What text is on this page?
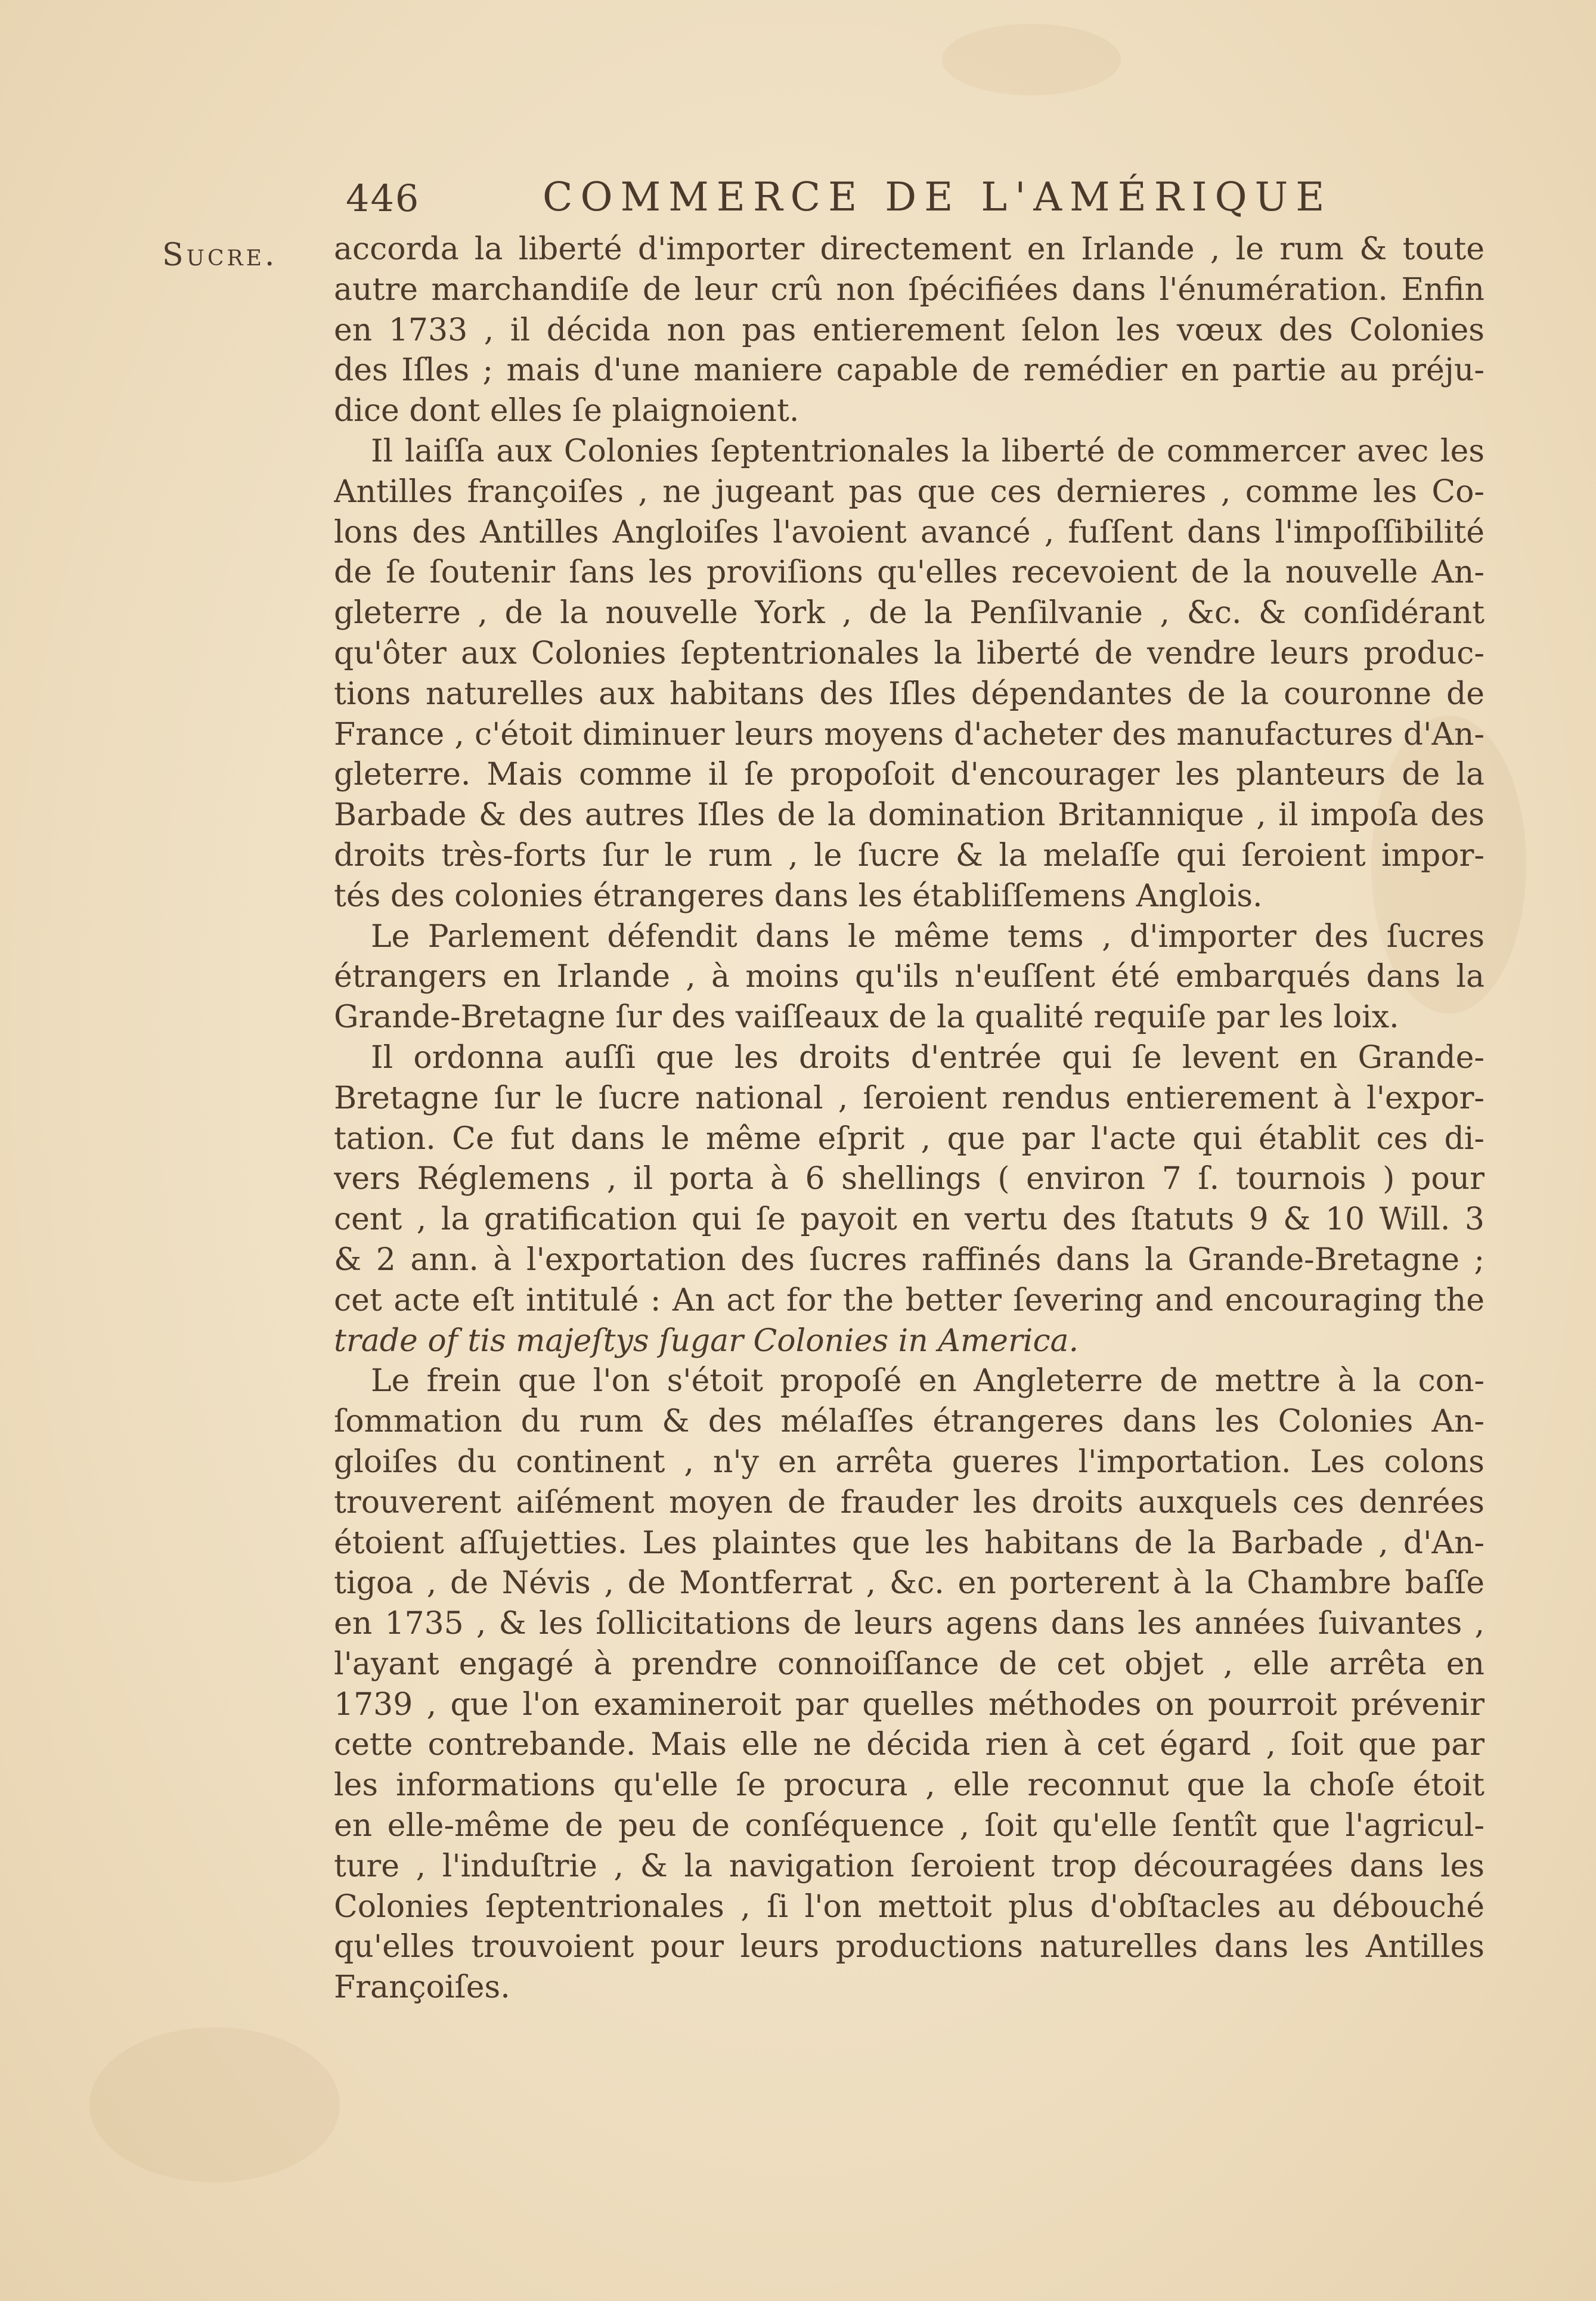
446	COMMERCE DE L'AMÉRIQUE
Sucre. accorda la liberté d'importer directement en Irlande , le rum & toute
autre marchandiſe de leur crû non ſpécifiées dans l'énumération. Enfin
en 1733 , il décida non pas entierement ſelon les vœux des Colonies
des Iſles ; mais d'une maniere capable de remédier en partie au préju-
dice dont elles ſe plaignoient.
Il laiſſa aux Colonies ſeptentrionales la liberté de commercer avec les
Antilles françoiſes , ne jugeant pas que ces dernieres , comme les Co-
lons des Antilles Angloiſes l'avoient avancé , fuſſent dans l'impoſſibilité
de ſe ſoutenir ſans les proviſions qu'elles recevoient de la nouvelle An-
gleterre , de la nouvelle York , de la Penſilvanie , &c. & conſidérant
qu'ôter aux Colonies ſeptentrionales la liberté de vendre leurs produc-
tions naturelles aux habitans des Iſles dépendantes de la couronne de
France , c'étoit diminuer leurs moyens d'acheter des manufactures d'An-
gleterre. Mais comme il ſe propoſoit d'encourager les planteurs de la
Barbade & des autres Iſles de la domination Britannique , il impoſa des
droits très-forts ſur le rum , le ſucre & la melaſſe qui ſeroient impor-
tés des colonies étrangeres dans les établiſſemens Anglois.
Le Parlement défendit dans le même tems , d'importer des ſucres
étrangers en Irlande , à moins qu'ils n'euſſent été embarqués dans la
Grande-Bretagne ſur des vaiſſeaux de la qualité requiſe par les loix.
Il ordonna auſſi que les droits d'entrée qui ſe levent en Grande-
Bretagne ſur le ſucre national , ſeroient rendus entierement à l'expor-
tation. Ce fut dans le même eſprit , que par l'acte qui établit ces di-
vers Réglemens , il porta à 6 shellings ( environ 7 ſ. tournois ) pour
cent , la gratification qui ſe payoit en vertu des ſtatuts 9 & 10 Will. 3
& 2 ann. à l'exportation des ſucres raffinés dans la Grande-Bretagne ;
cet acte eſt intitulé : An act for the better ſevering and encouraging the
trade of tis majeſtys ſugar Colonies in America.
Le frein que l'on s'étoit propoſé en Angleterre de mettre à la con-
ſommation du rum & des mélaſſes étrangeres dans les Colonies An-
gloiſes du continent , n'y en arrêta gueres l'importation. Les colons
trouverent aiſément moyen de frauder les droits auxquels ces denrées
étoient aſſujetties. Les plaintes que les habitans de la Barbade , d'An-
tigoa , de Névis , de Montferrat , &c. en porterent à la Chambre baſſe
en 1735 , & les ſollicitations de leurs agens dans les années ſuivantes ,
l'ayant engagé à prendre connoiſſance de cet objet , elle arrêta en
1739 , que l'on examineroit par quelles méthodes on pourroit prévenir
cette contrebande. Mais elle ne décida rien à cet égard , ſoit que par
les informations qu'elle ſe procura , elle reconnut que la choſe étoit
en elle-même de peu de conſéquence , ſoit qu'elle ſentît que l'agricul-
ture , l'induſtrie , & la navigation ſeroient trop découragées dans les
Colonies ſeptentrionales , ſi l'on mettoit plus d'obſtacles au débouché
qu'elles trouvoient pour leurs productions naturelles dans les Antilles
Françoiſes.
